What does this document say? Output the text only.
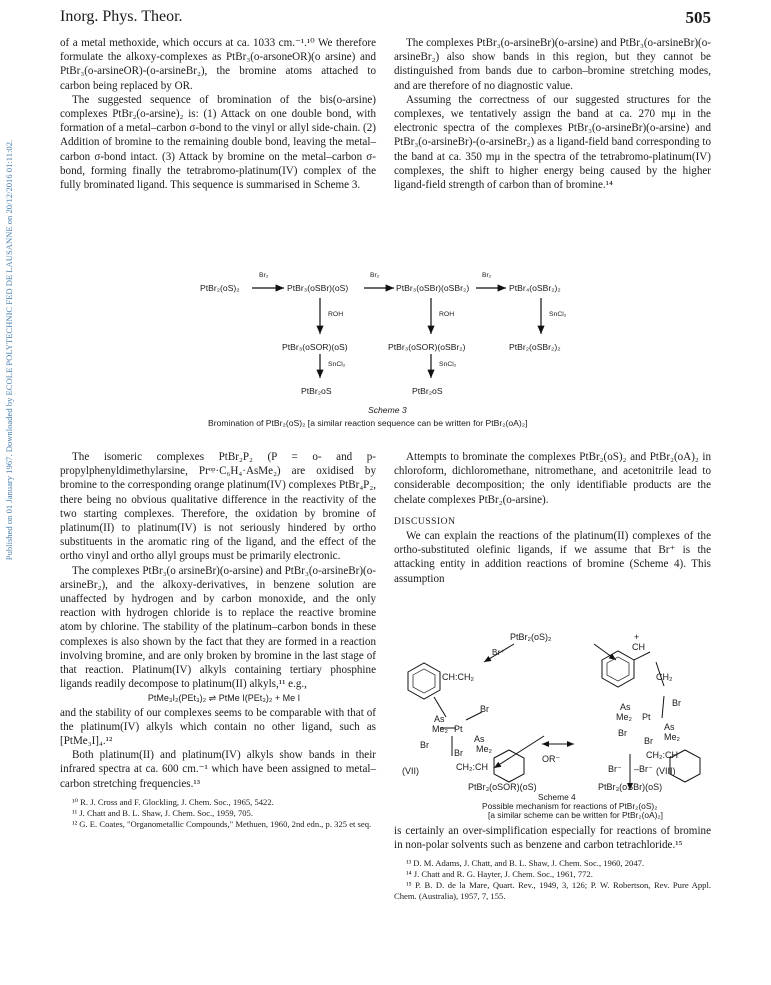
Published on 01 January 1967. Downloaded by ECOLE POLYTECHNIC FED DE LAUSANNE on 20/12/2016 01:11:02.
Inorg. Phys. Theor.	505

of a metal methoxide, which occurs at ca. 1033 cm.⁻¹.¹⁰ We therefore formulate the alkoxy-complexes as PtBr₃(o-arsoneOR)(o arsine) and PtBr₃(o-arsineOR)-(o-arsineBr₂), the bromine atoms attached to carbon being replaced by OR.

The suggested sequence of bromination of the bis(o-arsine) complexes PtBr₂(o-arsine)₂ is: (1) Attack on one double bond, with formation of a metal–carbon σ-bond to the vinyl or allyl side-chain. (2) Addition of bromine to the remaining double bond, leaving the metal–carbon σ-bond intact. (3) Attack by bromine on the metal–carbon σ-bond, forming finally the tetrabromo-platinum(IV) complex of the fully brominated ligand. This sequence is summarised in Scheme 3.

The complexes PtBr₃(o-arsineBr)(o-arsine) and PtBr₃(o-arsineBr)(o-arsineBr₂) also show bands in this region, but they cannot be distinguished from bands due to carbon–bromine stretching modes, and are therefore of no diagnostic value.

Assuming the correctness of our suggested structures for the complexes, we tentatively assign the band at ca. 270 mμ in the electronic spectra of the complexes PtBr₃(o-arsineBr)(o-arsine) and PtBr₃(o-arsineBr)-(o-arsineBr₂) as a ligand-field band corresponding to the band at ca. 350 mμ in the spectra of the tetrabromo-platinum(IV) complexes, the shift to higher energy being caused by the higher ligand-field strength of carbon than of bromine.¹⁴

PtBr₂(oS)₂	PtBr₃(oSBr)(oS)	PtBr₃(oSBr)(oSBr₂)	PtBr₄(oSBr₂)₂
Br₂	Br₂	Br₂
ROH	ROH	SnCl₂
PtBr₃(oSOR)(oS)	PtBr₃(oSOR)(oSBr₂)	PtBr₂(oSBr₂)₂
SnCl₂	SnCl₂
PtBr₂oS	PtBr₂oS
Scheme 3
Bromination of PtBr₂(oS)₂ [a similar reaction sequence can be written for PtBr₂(oA)₂]

The isomeric complexes PtBr₂P₂ (P = o- and p-propylphenyldimethylarsine, Prᵒᵖ·C₆H₄·AsMe₂) are oxidised by bromine to the corresponding orange platinum(IV) complexes PtBr₄P₂, there being no obvious qualitative difference in the reactivity of the two starting complexes. Therefore, the oxidation by bromine of platinum(II) to platinum(IV) is not seriously hindered by ortho substituents in the aromatic ring of the ligand, and the effect of the ortho vinyl and ortho allyl groups must be primarily electronic.

The complexes PtBr₃(o arsineBr)(o-arsine) and PtBr₃(o-arsineBr)(o-arsineBr₂), and the alkoxy-derivatives, in benzene solution are unaffected by hydrogen and by carbon monoxide, and the only reaction with hydrogen chloride is to replace the reactive bromine atom by chlorine. The stability of the platinum–carbon bonds in these complexes is also shown by the fact that they are formed in a reaction involving bromine, and are only broken by bromine in the last stage of that reaction. Platinum(IV) alkyls containing tertiary phosphine ligands readily decompose to platinum(II) alkyls,¹¹ e.g.,

PtMe₃I₂(PEt₃)₂ ⇌ PtMe I(PEt₃)₂ + Me I

and the stability of our complexes seems to be comparable with that of the platinum(IV) alkyls which contain no other ligand, such as [PtMe₃I]₄.¹²

Both platinum(II) and platinum(IV) alkyls show bands in their infrared spectra at ca. 600 cm.⁻¹ which have been assigned to metal–carbon stretching frequencies.¹³

¹⁰ R. J. Cross and F. Glockling, J. Chem. Soc., 1965, 5422.
¹¹ J. Chatt and B. L. Shaw, J. Chem. Soc., 1959, 705.
¹² G. E. Coates, "Organometallic Compounds," Methuen, 1960, 2nd edn., p. 325 et seq.

Attempts to brominate the complexes PtBr₂(oS)₂ and PtBr₂(oA)₂ in chloroform, dichloromethane, nitromethane, and acetonitrile lead to considerable decomposition; the only identifiable products are the chelate complexes PtBr₂(o-arsine).

DISCUSSION

We can explain the reactions of the platinum(II) complexes of the ortho-substituted olefinic ligands, if we assume that Br⁺ is the attacking entity in addition reactions of bromine (Scheme 4). This assumption

PtBr₂(oS)₂
Br⁺
CH:CH₂
As
Me₂ Pt
Br
Br
As
Me₂
Br
CH₂:CH
(VII)
+
CH
CH₂
As
Me₂ Pt
Br
Br
As
Me₂
Br
CH₂:CH
(VIII)
OR⁻
Br⁻ –Br⁻
PtBr₃(oSOR)(oS)	PtBr₃(oSBr)(oS)
Scheme 4
Possible mechanism for reactions of PtBr₂(oS)₂
[a similar scheme can be written for PtBr₂(oA)₂]

is certainly an over-simplification especially for reactions of bromine in non-polar solvents such as benzene and carbon tetrachloride.¹⁵

¹³ D. M. Adams, J. Chatt, and B. L. Shaw, J. Chem. Soc., 1960, 2047.
¹⁴ J. Chatt and R. G. Hayter, J. Chem. Soc., 1961, 772.
¹⁵ P. B. D. de la Mare, Quart. Rev., 1949, 3, 126; P. W. Robertson, Rev. Pure Appl. Chem. (Australia), 1957, 7, 155.
